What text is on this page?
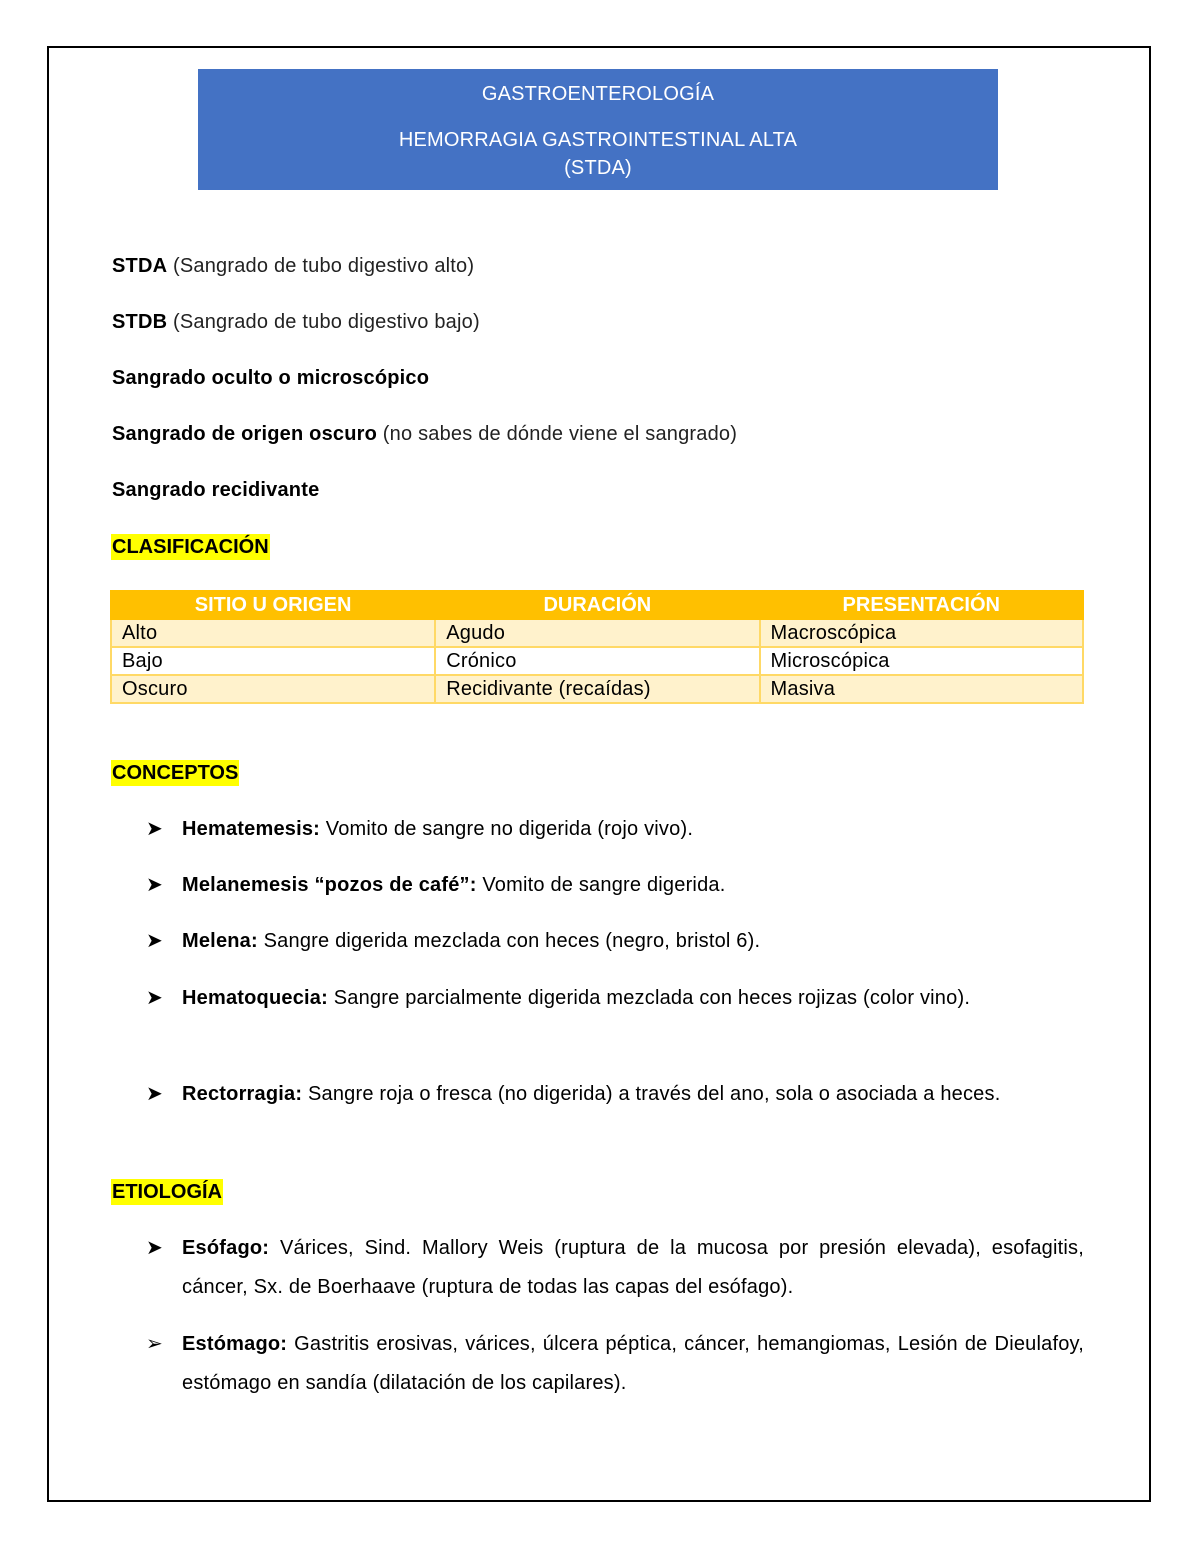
GASTROENTEROLOGÍA
HEMORRAGIA GASTROINTESTINAL ALTA
(STDA)
STDA (Sangrado de tubo digestivo alto)
STDB (Sangrado de tubo digestivo bajo)
Sangrado oculto o microscópico
Sangrado de origen oscuro (no sabes de dónde viene el sangrado)
Sangrado recidivante
CLASIFICACIÓN
SITIO U ORIGEN	DURACIÓN	PRESENTACIÓN
Alto	Agudo	Macroscópica
Bajo	Crónico	Microscópica
Oscuro	Recidivante (recaídas)	Masiva
CONCEPTOS
➤ Hematemesis: Vomito de sangre no digerida (rojo vivo).
➤ Melanemesis “pozos de café”: Vomito de sangre digerida.
➤ Melena: Sangre digerida mezclada con heces (negro, bristol 6).
➤ Hematoquecia: Sangre parcialmente digerida mezclada con heces rojizas (color vino).
➤ Rectorragia: Sangre roja o fresca (no digerida) a través del ano, sola o asociada a heces.
ETIOLOGÍA
➤ Esófago: Várices, Sind. Mallory Weis (ruptura de la mucosa por presión elevada), esofagitis, cáncer, Sx. de Boerhaave (ruptura de todas las capas del esófago).
➢ Estómago: Gastritis erosivas, várices, úlcera péptica, cáncer, hemangiomas, Lesión de Dieulafoy, estómago en sandía (dilatación de los capilares).
